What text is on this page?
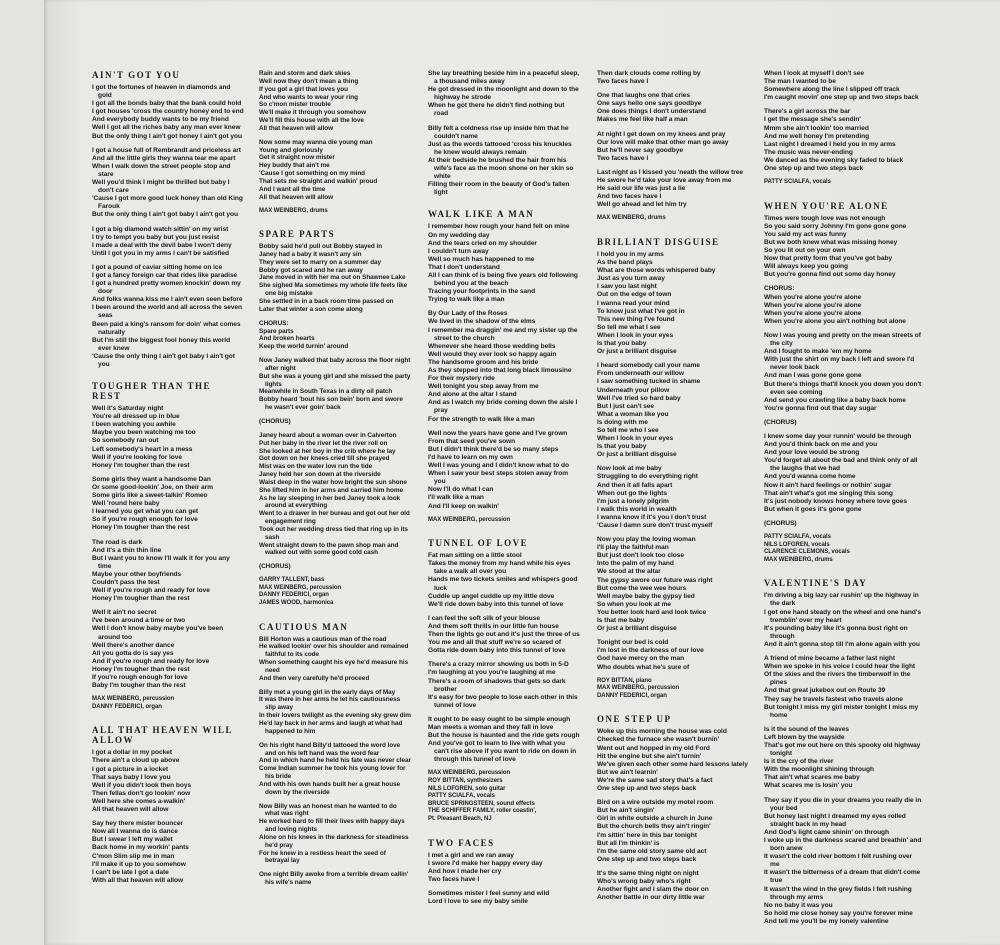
AIN'T GOT YOU

I got the fortunes of heaven in diamonds and gold

I got all the bonds baby that the bank could hold

I got houses 'cross the country honey end to end

And everybody buddy wants to be my friend

Well I got all the riches baby any man ever knew

But the only thing I ain't got honey I ain't got you

I got a house full of Rembrandt and priceless art

And all the little girls they wanna tear me apart

When I walk down the street people stop and stare

Well you'd think I might be thrilled but baby I don't care

'Cause I got more good luck honey than old King Farouk

But the only thing I ain't got baby I ain't got you

I got a big diamond watch sittin' on my wrist

I try to tempt you baby but you just resist

I made a deal with the devil babe I won't deny

Until I got you in my arms I can't be satisfied

I got a pound of caviar sitting home on ice

I got a fancy foreign car that rides like paradise

I got a hundred pretty women knockin' down my door

And folks wanna kiss me I ain't even seen before

I been around the world and all across the seven seas

Been paid a king's ransom for doin' what comes naturally

But I'm still the biggest fool honey this world ever knew

'Cause the only thing I ain't got baby I ain't got you

TOUGHER THAN THE REST

Well it's Saturday night

You're all dressed up in blue

I been watching you awhile

Maybe you been watching me too

So somebody ran out

Left somebody's heart in a mess

Well if you're looking for love

Honey I'm tougher than the rest

Some girls they want a handsome Dan

Or some good-lookin' Joe, on their arm

Some girls like a sweet-talkin' Romeo

Well 'round here baby

I learned you get what you can get

So if you're rough enough for love

Honey I'm tougher than the rest

The road is dark

And it's a thin thin line

But I want you to know I'll walk it for you any time

Maybe your other boyfriends

Couldn't pass the test

Well if you're rough and ready for love

Honey I'm tougher than the rest

Well it ain't no secret

I've been around a time or two

Well I don't know baby maybe you've been around too

Well there's another dance

All you gotta do is say yes

And if you're rough and ready for love

Honey I'm tougher than the rest

If you're rough enough for love

Baby I'm tougher than the rest

MAX WEINBERG, percussion

DANNY FEDERICI, organ

ALL THAT HEAVEN WILL ALLOW

I got a dollar in my pocket

There ain't a cloud up above

I got a picture in a locket

That says baby I love you

Well if you didn't look then boys

Then fellas don't go lookin' now

Well here she comes a-walkin'

All that heaven will allow

Say hey there mister bouncer

Now all I wanna do is dance

But I swear I left my wallet

Back home in my workin' pants

C'mon Slim slip me in man

I'll make it up to you somehow

I can't be late I got a date

With all that heaven will allow

Rain and storm and dark skies

Well now they don't mean a thing

If you got a girl that loves you

And who wants to wear your ring

So c'mon mister trouble

We'll make it through you somehow

We'll fill this house with all the love

All that heaven will allow

Now some may wanna die young man

Young and gloriously

Get it straight now mister

Hey buddy that ain't me

'Cause I got something on my mind

That sets me straight and walkin' proud

And I want all the time

All that heaven will allow

MAX WEINBERG, drums

SPARE PARTS

Bobby said he'd pull out Bobby stayed in

Janey had a baby it wasn't any sin

They were set to marry on a summer day

Bobby got scared and he ran away

Jane moved in with her ma out on Shawnee Lake

She sighed Ma sometimes my whole life feels like one big mistake

She settled in in a back room time passed on

Later that winter a son come along

CHORUS:

Spare parts

And broken hearts

Keep the world turnin' around

Now Janey walked that baby across the floor night after night

But she was a young girl and she missed the party lights

Meanwhile in South Texas in a dirty oil patch

Bobby heard 'bout his son bein' born and swore he wasn't ever goin' back

(CHORUS)

Janey heard about a woman over in Calverton

Put her baby in the river let the river roll on

She looked at her boy in the crib where he lay

Got down on her knees cried till she prayed

Mist was on the water low run the tide

Janey held her son down at the riverside

Waist deep in the water how bright the sun shone

She lifted him in her arms and carried him home

As he lay sleeping in her bed Janey took a look around at everything

Went to a drawer in her bureau and got out her old engagement ring

Took out her wedding dress tied that ring up in its sash

Went straight down to the pawn shop man and walked out with some good cold cash

(CHORUS)

GARRY TALLENT, bass

MAX WEINBERG, percussion

DANNY FEDERICI, organ

JAMES WOOD, harmonica

CAUTIOUS MAN

Bill Horton was a cautious man of the road

He walked lookin' over his shoulder and remained faithful to its code

When something caught his eye he'd measure his need

And then very carefully he'd proceed

Billy met a young girl in the early days of May

It was there in her arms he let his cautiousness slip away

In their lovers twilight as the evening sky grew dim

He'd lay back in her arms and laugh at what had happened to him

On his right hand Billy'd tattooed the word love and on his left hand was the word fear

And in which hand he held his fate was never clear

Come Indian summer he took his young lover for his bride

And with his own hands built her a great house down by the riverside

Now Billy was an honest man he wanted to do what was right

He worked hard to fill their lives with happy days and loving nights

Alone on his knees in the darkness for steadiness he'd pray

For he knew in a restless heart the seed of betrayal lay

One night Billy awoke from a terrible dream callin' his wife's name

She lay breathing beside him in a peaceful sleep, a thousand miles away

He got dressed in the moonlight and down to the highway he strode

When he got there he didn't find nothing but road

Billy felt a coldness rise up inside him that he couldn't name

Just as the words tattooed 'cross his knuckles he knew would always remain

At their bedside he brushed the hair from his wife's face as the moon shone on her skin so white

Filling their room in the beauty of God's fallen light

WALK LIKE A MAN

I remember how rough your hand felt on mine

On my wedding day

And the tears cried on my shoulder

I couldn't turn away

Well so much has happened to me

That I don't understand

All I can think of is being five years old following behind you at the beach

Tracing your footprints in the sand

Trying to walk like a man

By Our Lady of the Roses

We lived in the shadow of the elms

I remember ma draggin' me and my sister up the street to the church

Whenever she heard those wedding bells

Well would they ever look so happy again

The handsome groom and his bride

As they stepped into that long black limousine

For their mystery ride

Well tonight you step away from me

And alone at the altar I stand

And as I watch my bride coming down the aisle I pray

For the strength to walk like a man

Well now the years have gone and I've grown

From that seed you've sown

But I didn't think there'd be so many steps

I'd have to learn on my own

Well I was young and I didn't know what to do

When I saw your best steps stolen away from you

Now I'll do what I can

I'll walk like a man

And I'll keep on walkin'

MAX WEINBERG, percussion

TUNNEL OF LOVE

Fat man sitting on a little stool

Takes the money from my hand while his eyes take a walk all over you

Hands me two tickets smiles and whispers good luck

Cuddle up angel cuddle up my little dove

We'll ride down baby into this tunnel of love

I can feel the soft silk of your blouse

And them soft thrills in our little fun house

Then the lights go out and it's just the three of us

You me and all that stuff we're so scared of

Gotta ride down baby into this tunnel of love

There's a crazy mirror showing us both in 5-D

I'm laughing at you you're laughing at me

There's a room of shadows that gets so dark brother

It's easy for two people to lose each other in this tunnel of love

It ought to be easy ought to be simple enough

Man meets a woman and they fall in love

But the house is haunted and the ride gets rough

And you've got to learn to live with what you can't rise above if you want to ride on down in through this tunnel of love

MAX WEINBERG, percussion

ROY BITTAN, synthesizers

NILS LOFGREN, solo guitar

PATTY SCIALFA, vocals

BRUCE SPRINGSTEEN, sound effects

THE SCHIFFER FAMILY, roller coastin',

Pt. Pleasant Beach, NJ

TWO FACES

I met a girl and we ran away

I swore I'd make her happy every day

And how I made her cry

Two faces have I

Sometimes mister I feel sunny and wild

Lord I love to see my baby smile

Then dark clouds come rolling by

Two faces have I

One that laughs one that cries

One says hello one says goodbye

One does things I don't understand

Makes me feel like half a man

At night I get down on my knees and pray

Our love will make that other man go away

But he'll never say goodbye

Two faces have I

Last night as I kissed you 'neath the willow tree

He swore he'd take your love away from me

He said our life was just a lie

And two faces have I

Well go ahead and let him try

MAX WEINBERG, drums

BRILLIANT DISGUISE

I hold you in my arms

As the band plays

What are those words whispered baby

Just as you turn away

I saw you last night

Out on the edge of town

I wanna read your mind

To know just what I've got in

This new thing I've found

So tell me what I see

When I look in your eyes

Is that you baby

Or just a brilliant disguise

I heard somebody call your name

From underneath our willow

I saw something tucked in shame

Underneath your pillow

Well I've tried so hard baby

But I just can't see

What a woman like you

Is doing with me

So tell me who I see

When I look in your eyes

Is that you baby

Or just a brilliant disguise

Now look at me baby

Struggling to do everything right

And then it all falls apart

When out go the lights

I'm just a lonely pilgrim

I walk this world in wealth

I wanna know if it's you I don't trust

'Cause I damn sure don't trust myself

Now you play the loving woman

I'll play the faithful man

But just don't look too close

Into the palm of my hand

We stood at the altar

The gypsy swore our future was right

But come the wee wee hours

Well maybe baby the gypsy lied

So when you look at me

You better look hard and look twice

Is that me baby

Or just a brilliant disguise

Tonight our bed is cold

I'm lost in the darkness of our love

God have mercy on the man

Who doubts what he's sure of

ROY BITTAN, piano

MAX WEINBERG, percussion

DANNY FEDERICI, organ

ONE STEP UP

Woke up this morning the house was cold

Checked the furnace she wasn't burnin'

Went out and hopped in my old Ford

Hit the engine but she ain't turnin'

We've given each other some hard lessons lately

But we ain't learnin'

We're the same sad story that's a fact

One step up and two steps back

Bird on a wire outside my motel room

But he ain't singin'

Girl in white outside a church in June

But the church bells they ain't ringin'

I'm sittin' here in this bar tonight

But all I'm thinkin' is

I'm the same old story same old act

One step up and two steps back

It's the same thing night on night

Who's wrong baby who's right

Another fight and I slam the door on

Another battle in our dirty little war

When I look at myself I don't see

The man I wanted to be

Somewhere along the line I slipped off track

I'm caught movin' one step up and two steps back

There's a girl across the bar

I get the message she's sendin'

Mmm she ain't lookin' too married

And me well honey I'm pretending

Last night I dreamed I held you in my arms

The music was never-ending

We danced as the evening sky faded to black

One step up and two steps back

PATTY SCIALFA, vocals

WHEN YOU'RE ALONE

Times were tough love was not enough

So you said sorry Johnny I'm gone gone gone

You said my act was funny

But we both knew what was missing honey

So you lit out on your own

Now that pretty form that you've got baby

Will always keep you going

But you're gonna find out some day honey

CHORUS:

When you're alone you're alone

When you're alone you're alone

When you're alone you're alone

When you're alone you ain't nothing but alone

Now I was young and pretty on the mean streets of the city

And I fought to make 'em my home

With just the shirt on my back I left and swore I'd never look back

And man I was gone gone gone

But there's things that'll knock you down you don't even see coming

And send you crawling like a baby back home

You're gonna find out that day sugar

(CHORUS)

I knew some day your runnin' would be through

And you'd think back on me and you

And your love would be strong

You'd forget all about the bad and think only of all the laughs that we had

And you'd wanna come home

Now it ain't hard feelings or nothin' sugar

That ain't what's got me singing this song

It's just nobody knows honey where love goes

But when it goes it's gone gone

(CHORUS)

PATTY SCIALFA, vocals

NILS LOFGREN, vocals

CLARENCE CLEMONS, vocals

MAX WEINBERG, drums

VALENTINE'S DAY

I'm driving a big lazy car rushin' up the highway in the dark

I got one hand steady on the wheel and one hand's tremblin' over my heart

It's pounding baby like it's gonna bust right on through

And it ain't gonna stop till I'm alone again with you

A friend of mine became a father last night

When we spoke in his voice I could hear the light

Of the skies and the rivers the timberwolf in the pines

And that great jukebox out on Route 39

They say he travels fastest who travels alone

But tonight I miss my girl mister tonight I miss my home

Is it the sound of the leaves

Left blown by the wayside

That's got me out here on this spooky old highway tonight

Is it the cry of the river

With the moonlight shining through

That ain't what scares me baby

What scares me is losin' you

They say if you die in your dreams you really die in your bed

But honey last night I dreamed my eyes rolled straight back in my head

And God's light came shinin' on through

I woke up in the darkness scared and breathin' and born anew

It wasn't the cold river bottom I felt rushing over me

It wasn't the bitterness of a dream that didn't come true

It wasn't the wind in the grey fields I felt rushing through my arms

No no baby it was you

So hold me close honey say you're forever mine

And tell me you'll be my lonely valentine
